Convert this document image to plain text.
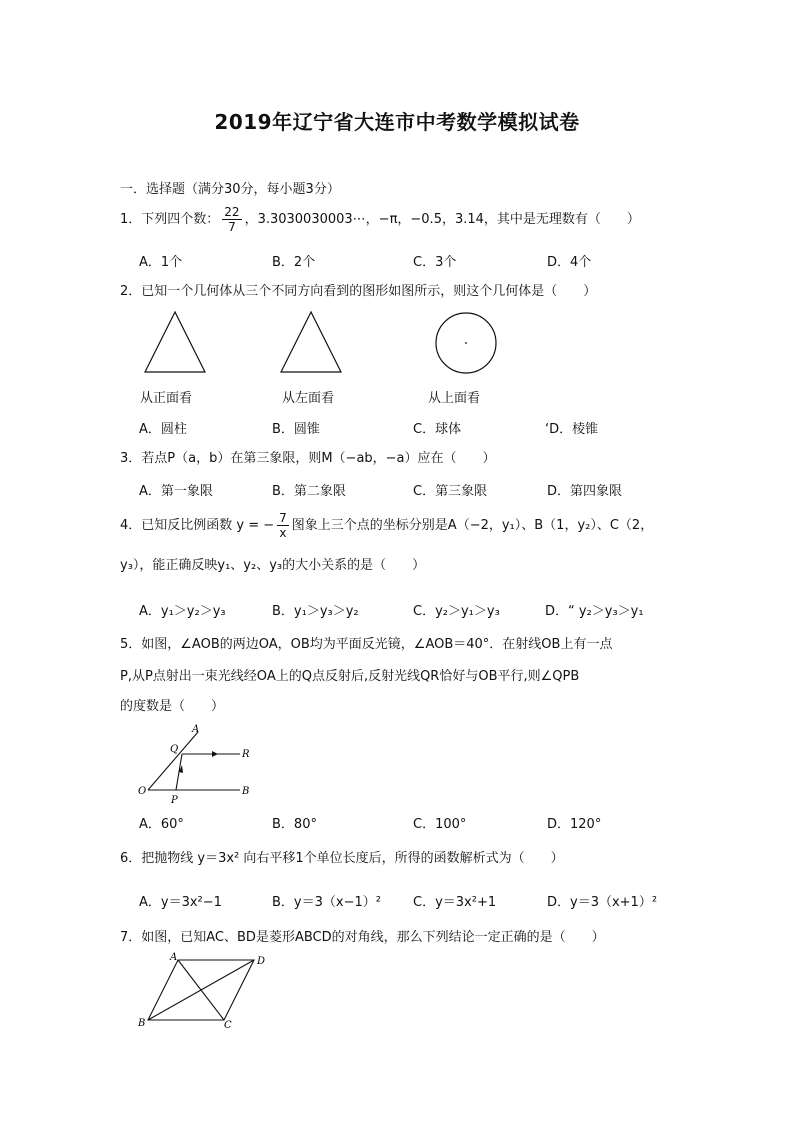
2019年辽宁省大连市中考数学模拟试卷
一．选择题（满分30分，每小题3分）
1．下列四个数： $\frac{22}{7}$ ，3.3030030003⋯，−π，−0.5，3.14，其中是无理数有（　　）
A．1个	B．2个	C．3个	D．4个
2．已知一个几何体从三个不同方向看到的图形如图所示，则这个几何体是（　　）
从正面看	从左面看	从上面看
A．圆柱	B．圆锥	C．球体	‘D．棱锥
3．若点P（a，b）在第三象限，则M（−ab，−a）应在（　　）
A．第一象限	B．第二象限	C．第三象限	D．第四象限
4．已知反比例函数 y = − $\frac{7}{x}$ 图象上三个点的坐标分别是A（−2，y₁）、B（1，y₂）、C（2，
y₃），能正确反映y₁、y₂、y₃的大小关系的是（　　）
A．y₁＞y₂＞y₃	B．y₁＞y₃＞y₂	C．y₂＞y₁＞y₃	D．“ y₂＞y₃＞y₁
5．如图，∠AOB的两边OA，OB均为平面反光镜，∠AOB＝40°．在射线OB上有一点
P,从P点射出一束光线经OA上的Q点反射后,反射光线QR恰好与OB平行,则∠QPB
的度数是（　　）
A
Q	R
O
P
B
A．60°	B．80°	C．100°	D．120°
6．把抛物线 y＝3x² 向右平移1个单位长度后，所得的函数解析式为（　　）
A．y＝3x²−1	B．y＝3（x−1）² C．y＝3x²+1	D．y＝3（x+1）²
7．如图，已知AC、BD是菱形ABCD的对角线，那么下列结论一定正确的是（　　）
A
B	C
D
